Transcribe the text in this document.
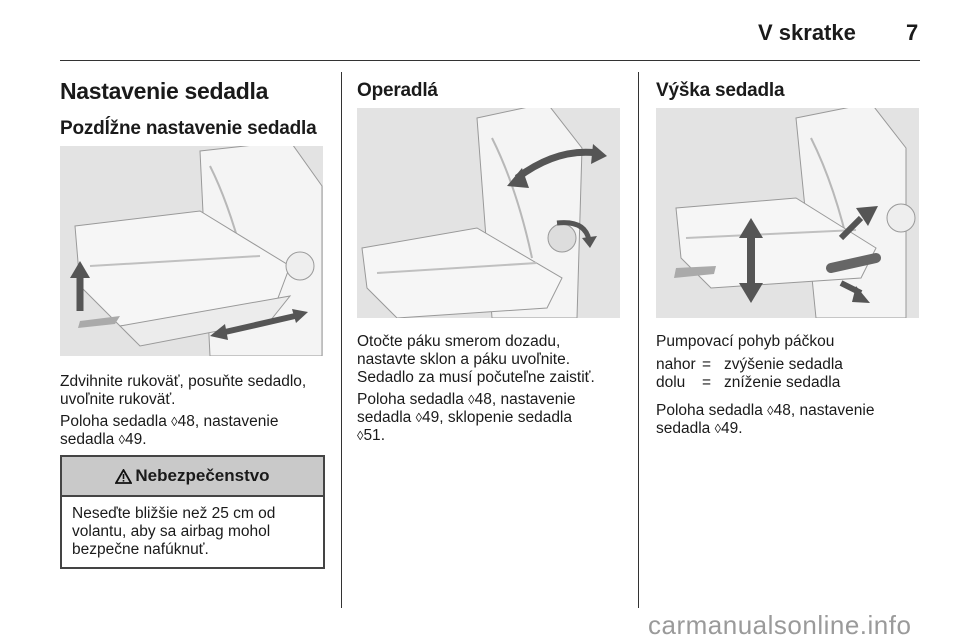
V skratke 7
Nastavenie sedadla
Pozdĺžne nastavenie sedadla
Zdvihnite rukoväť, posuňte sedadlo,
uvoľnite rukoväť.
Poloha sedadla ◊48, nastavenie
sedadla ◊49.
Nebezpečenstvo
Neseďte bližšie než 25 cm od
volantu, aby sa airbag mohol
bezpečne nafúknuť.
Operadlá
Otočte páku smerom dozadu,
nastavte sklon a páku uvoľnite.
Sedadlo za musí počuteľne zaistiť.
Poloha sedadla ◊48, nastavenie
sedadla ◊49, sklopenie sedadla
◊51.
Výška sedadla
Pumpovací pohyb páčkou
nahor = zvýšenie sedadla
dolu	= zníženie sedadla
Poloha sedadla ◊48, nastavenie
sedadla ◊49.
carmanualsonline.info
